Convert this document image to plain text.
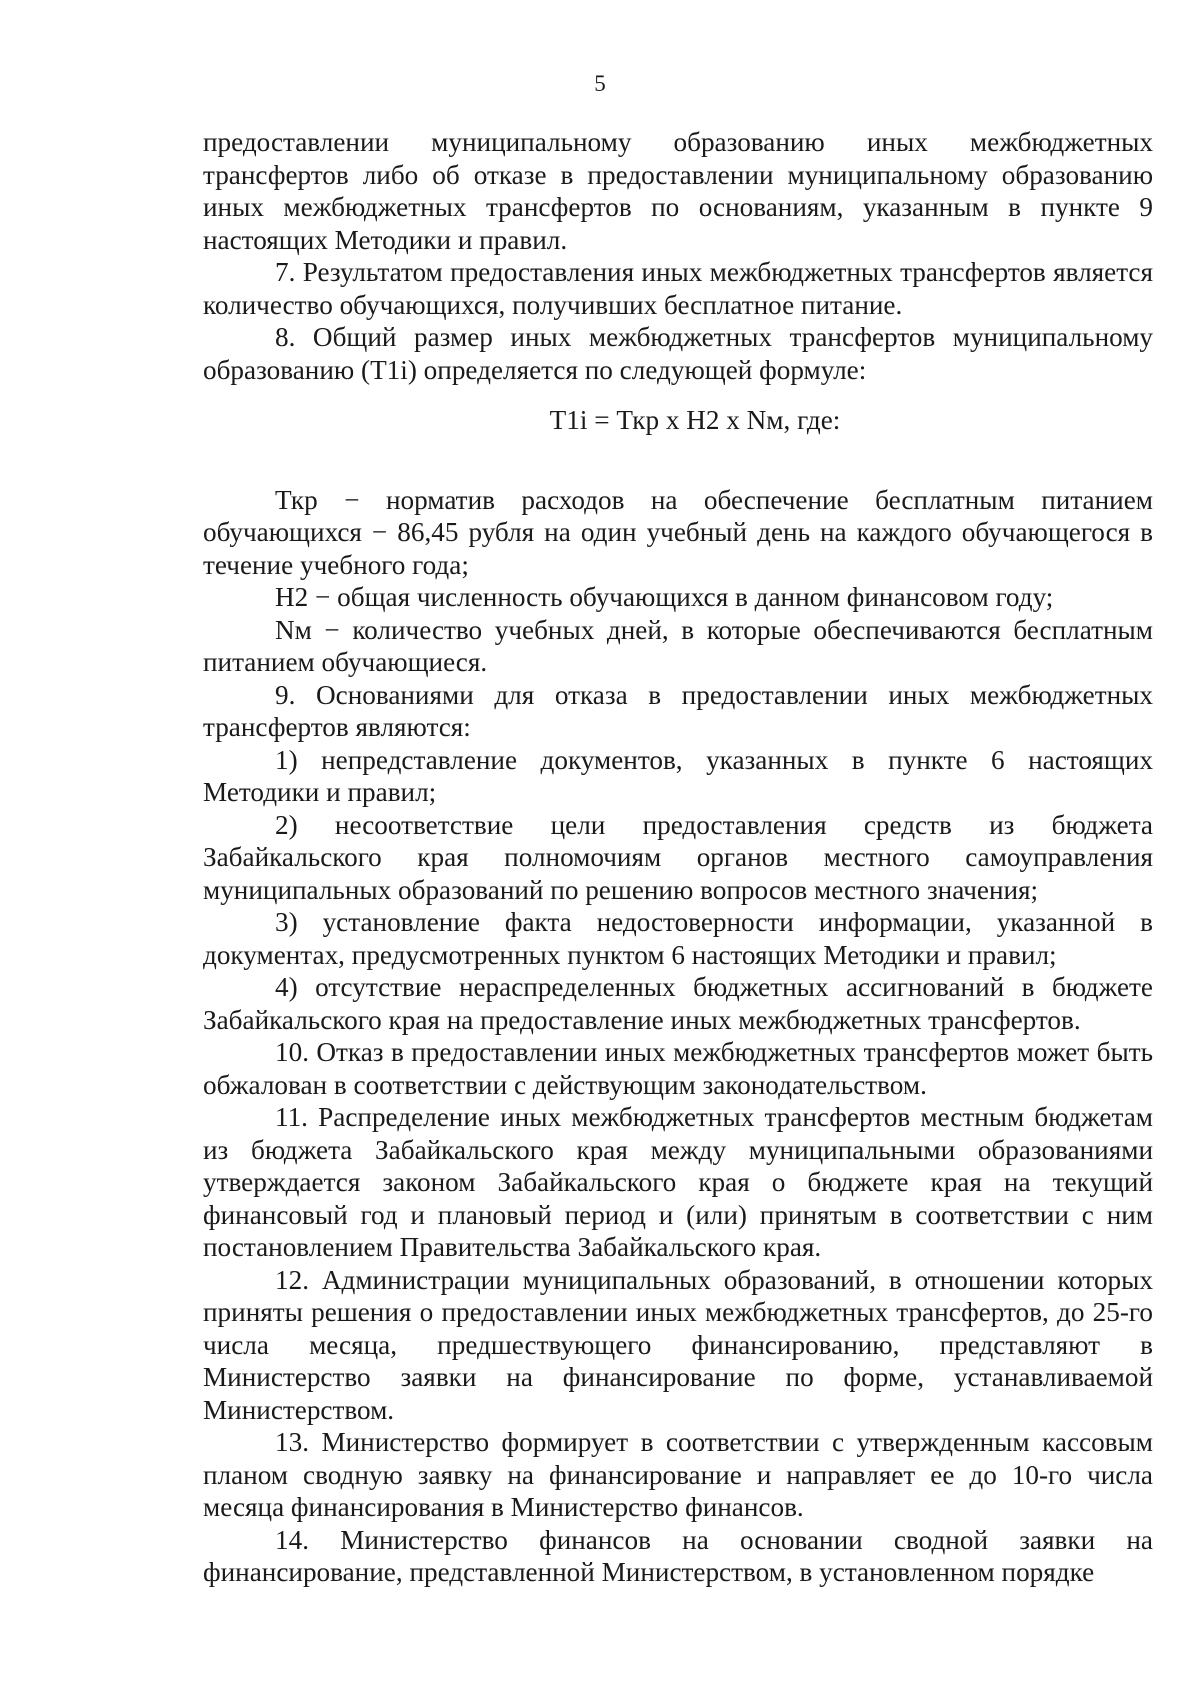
5

предоставлении муниципальному образованию иных межбюджетных трансфертов либо об отказе в предоставлении муниципальному образованию иных межбюджетных трансфертов по основаниям, указанным в пункте 9 настоящих Методики и правил.

7. Результатом предоставления иных межбюджетных трансфертов является количество обучающихся, получивших бесплатное питание.

8. Общий размер иных межбюджетных трансфертов муниципальному образованию (Т1i) определяется по следующей формуле:

Т1i = Ткр x Н2 x Nм, где:

Ткр − норматив расходов на обеспечение бесплатным питанием обучающихся − 86,45 рубля на один учебный день на каждого обучающегося в течение учебного года;

Н2 − общая численность обучающихся в данном финансовом году;

Nм − количество учебных дней, в которые обеспечиваются бесплатным питанием обучающиеся.

9. Основаниями для отказа в предоставлении иных межбюджетных трансфертов являются:

1) непредставление документов, указанных в пункте 6 настоящих Методики и правил;

2) несоответствие цели предоставления средств из бюджета Забайкальского края полномочиям органов местного самоуправления муниципальных образований по решению вопросов местного значения;

3) установление факта недостоверности информации, указанной в документах, предусмотренных пунктом 6 настоящих Методики и правил;

4) отсутствие нераспределенных бюджетных ассигнований в бюджете Забайкальского края на предоставление иных межбюджетных трансфертов.

10. Отказ в предоставлении иных межбюджетных трансфертов может быть обжалован в соответствии с действующим законодательством.

11. Распределение иных межбюджетных трансфертов местным бюджетам из бюджета Забайкальского края между муниципальными образованиями утверждается законом Забайкальского края о бюджете края на текущий финансовый год и плановый период и (или) принятым в соответствии с ним постановлением Правительства Забайкальского края.

12. Администрации муниципальных образований, в отношении которых приняты решения о предоставлении иных межбюджетных трансфертов, до 25-го числа месяца, предшествующего финансированию, представляют в Министерство заявки на финансирование по форме, устанавливаемой Министерством.

13. Министерство формирует в соответствии с утвержденным кассовым планом сводную заявку на финансирование и направляет ее до 10-го числа месяца финансирования в Министерство финансов.

14. Министерство финансов на основании сводной заявки на финансирование, представленной Министерством, в установленном порядке
